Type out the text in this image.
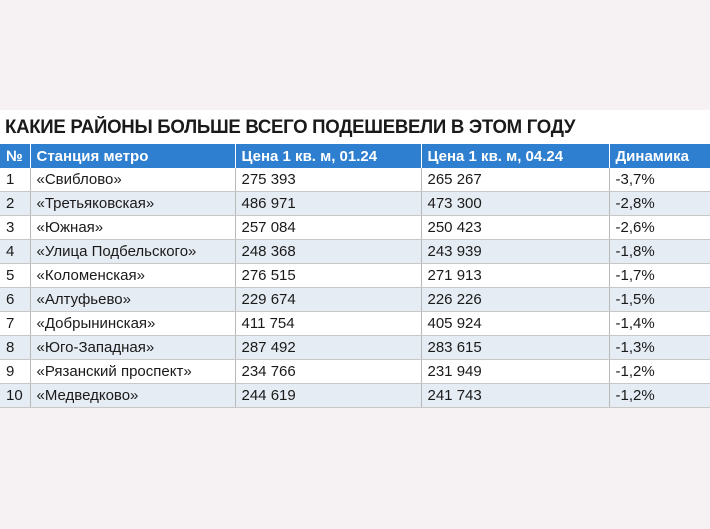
КАКИЕ РАЙОНЫ БОЛЬШЕ ВСЕГО ПОДЕШЕВЕЛИ В ЭТОМ ГОДУ
№	Станция метро	Цена 1 кв. м, 01.24	Цена 1 кв. м, 04.24	Динамика
1	«Свиблово»	275 393	265 267	-3,7%
2	«Третьяковская»	486 971	473 300	-2,8%
3	«Южная»	257 084	250 423	-2,6%
4	«Улица Подбельского»	248 368	243 939	-1,8%
5	«Коломенская»	276 515	271 913	-1,7%
6	«Алтуфьево»	229 674	226 226	-1,5%
7	«Добрынинская»	411 754	405 924	-1,4%
8	«Юго-Западная»	287 492	283 615	-1,3%
9	«Рязанский проспект»	234 766	231 949	-1,2%
10	«Медведково»	244 619	241 743	-1,2%
